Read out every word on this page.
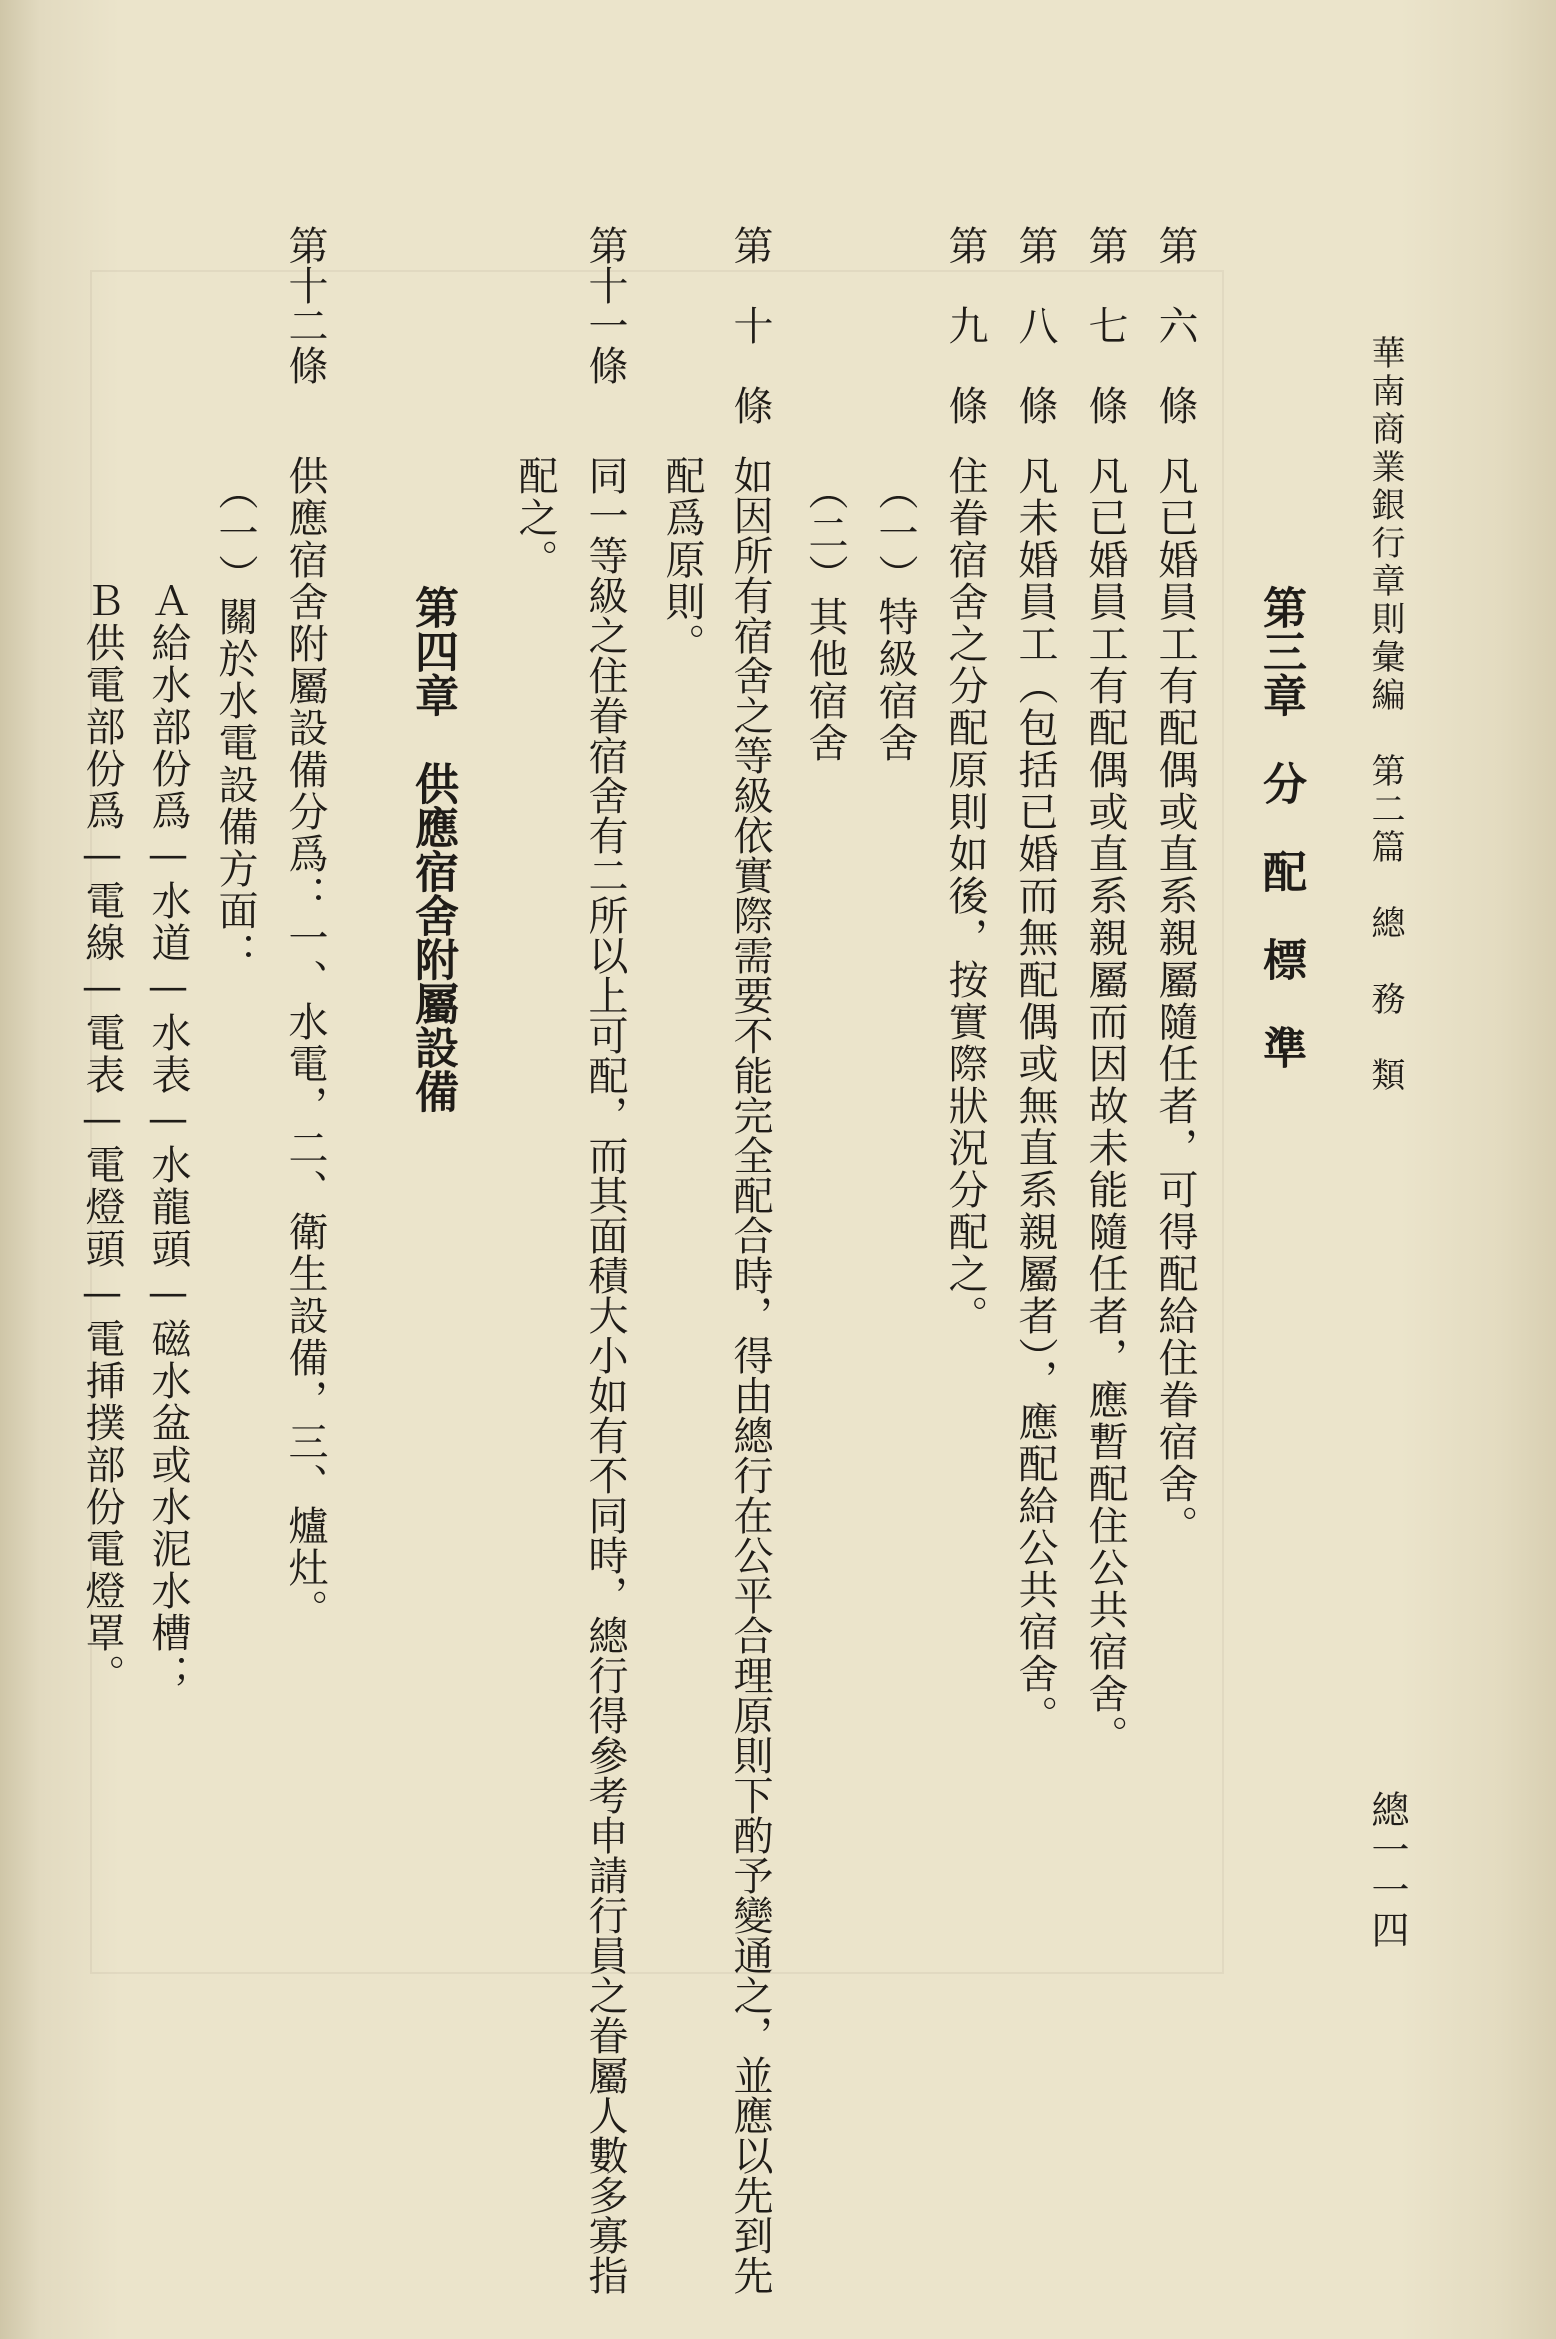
華南商業銀行章則彙編　第二篇　總　務　類
總一一四
第三章　分　配　標　準
第　六　條
凡已婚員工有配偶或直系親屬隨任者，可得配給住眷宿舍。
第　七　條
凡已婚員工有配偶或直系親屬而因故未能隨任者，應暫配住公共宿舍。
第　八　條
凡未婚員工（包括已婚而無配偶或無直系親屬者），應配給公共宿舍。
第　九　條
住眷宿舍之分配原則如後，按實際狀況分配之。
（一）特級宿舍
（二）其他宿舍
第　十　條
如因所有宿舍之等級依實際需要不能完全配合時，得由總行在公平合理原則下酌予變通之，並應以先到先
配爲原則。
第十一條
同一等級之住眷宿舍有二所以上可配，而其面積大小如有不同時，總行得參考申請行員之眷屬人數多寡指
配之。
第四章　供應宿舍附屬設備
第十二條
供應宿舍附屬設備分爲：一、水電，二、衛生設備，三、爐灶。
（一）關於水電設備方面：
Ａ給水部份爲—水道—水表—水龍頭—磁水盆或水泥水槽；
Ｂ供電部份爲—電線—電表—電燈頭—電挿撲部份電燈罩。
